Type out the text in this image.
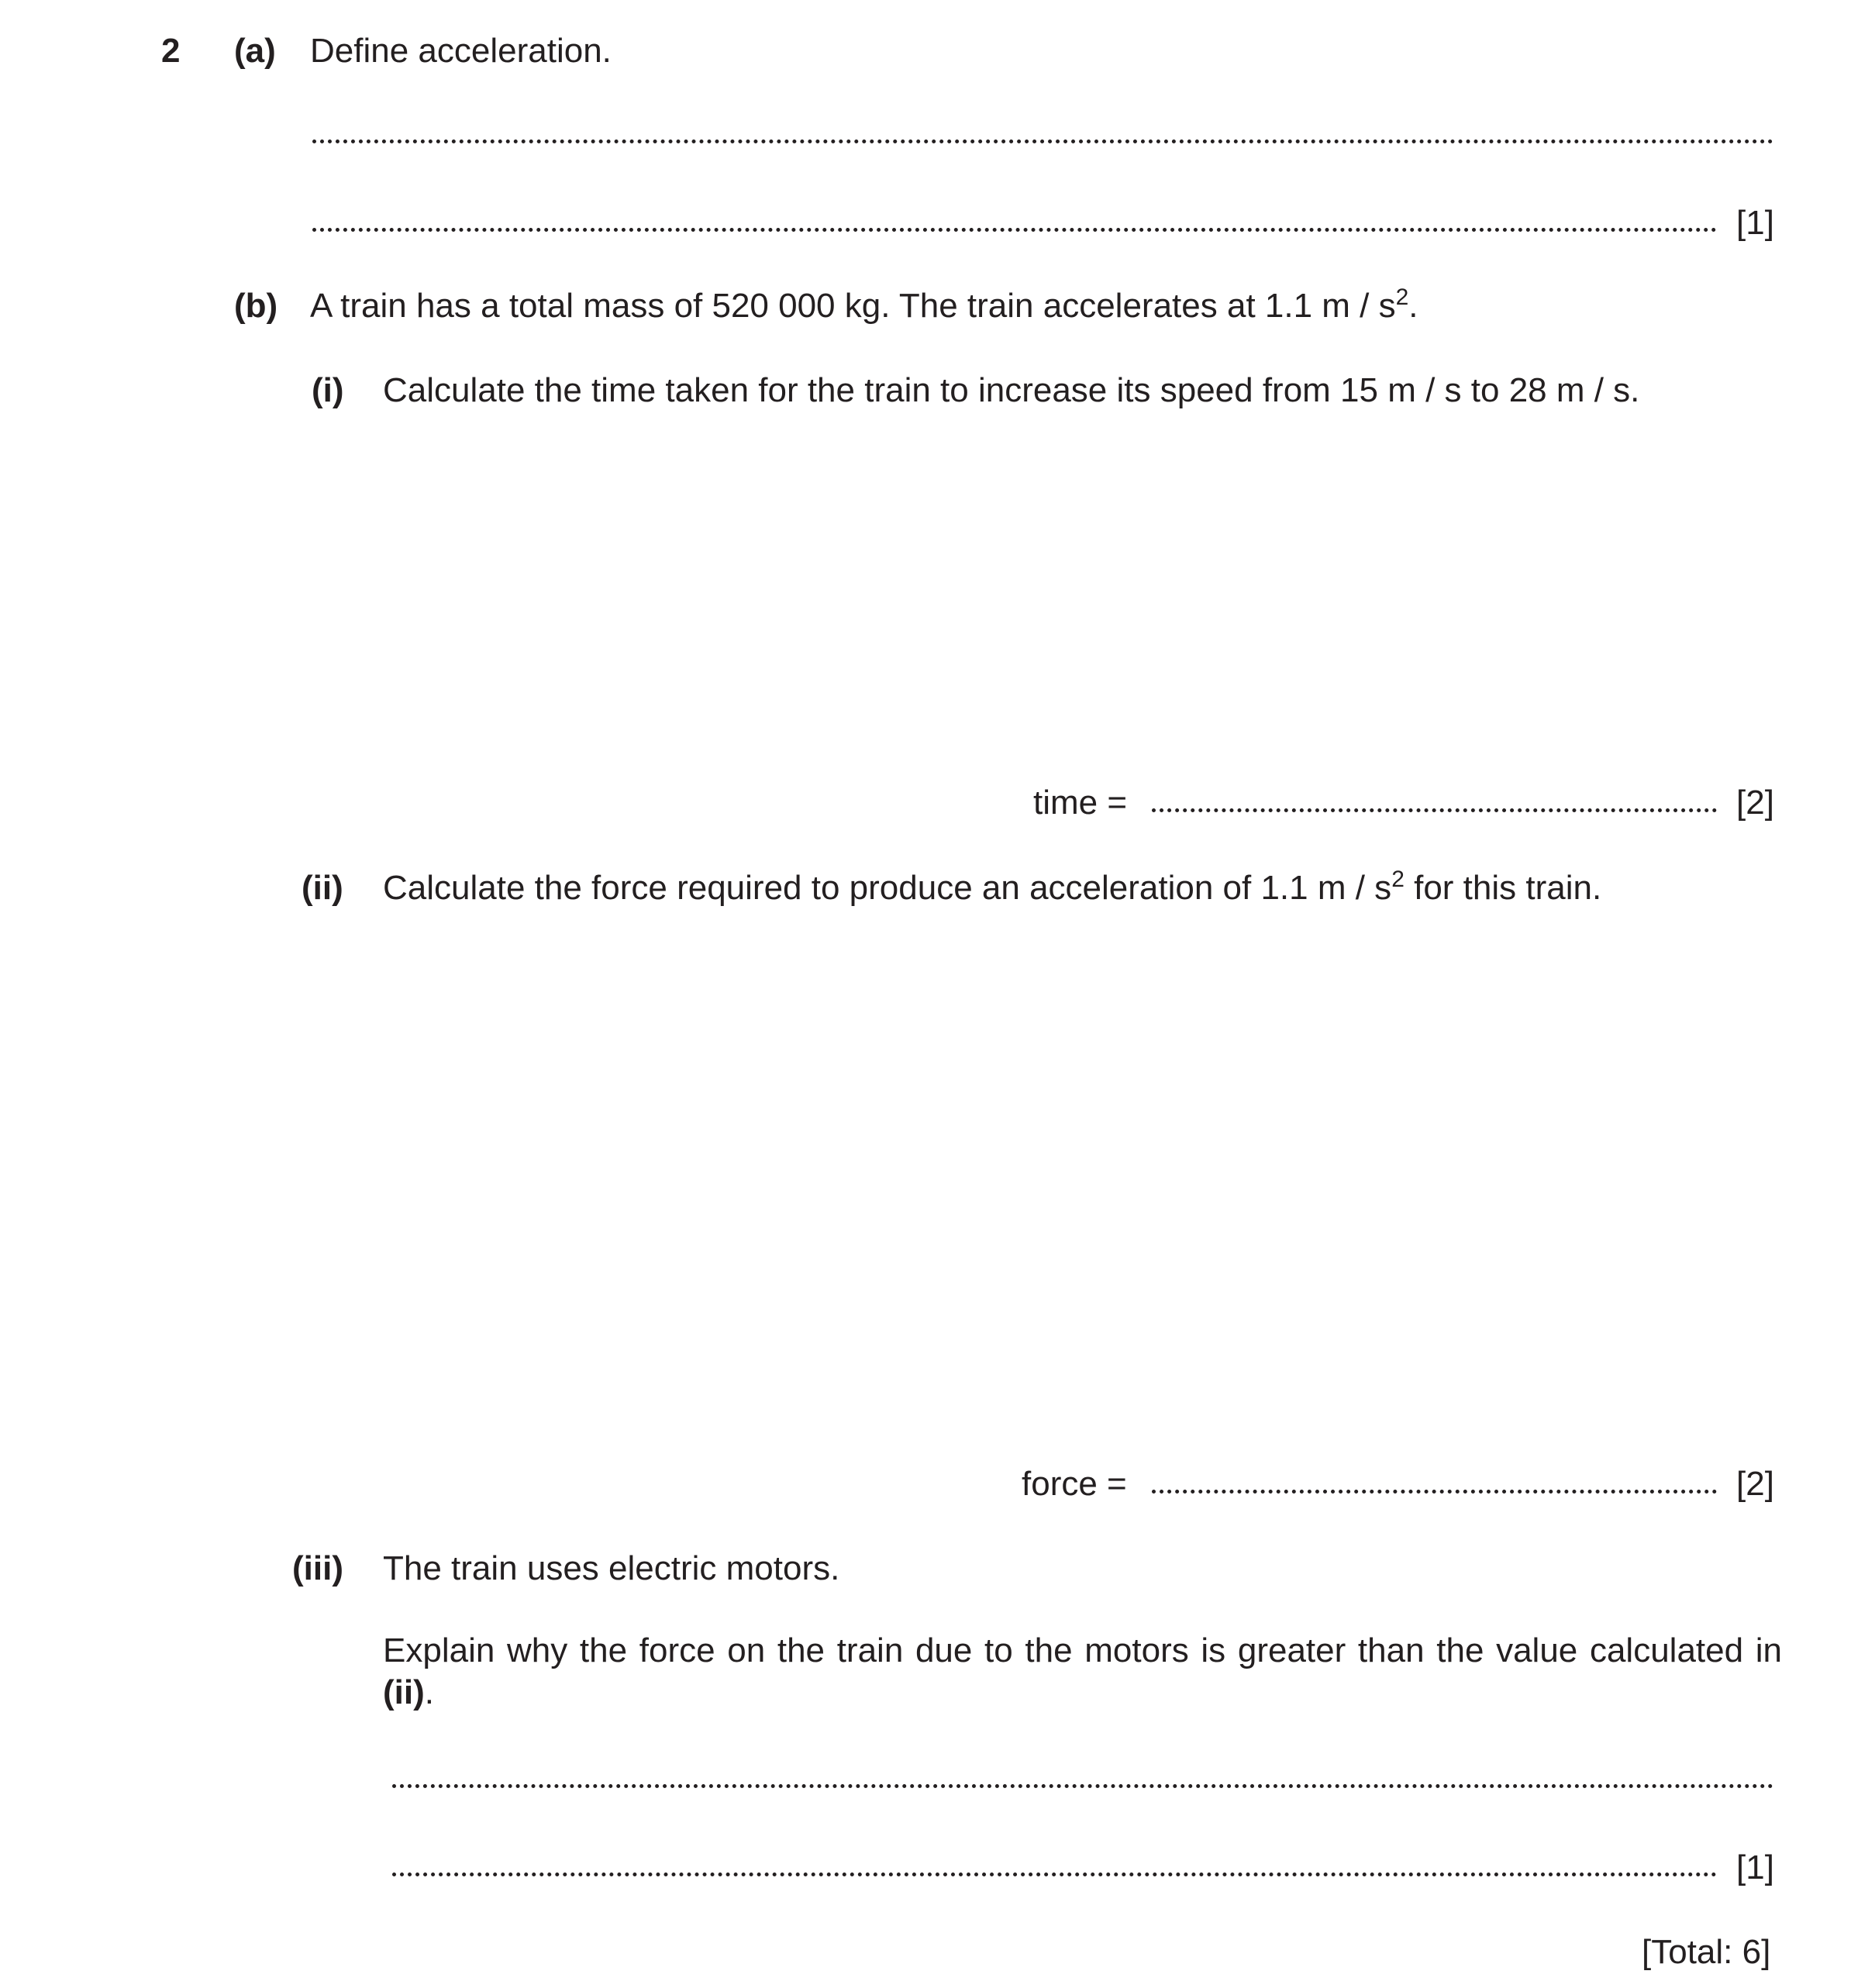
2 (a) Define acceleration.
[1]
(b) A train has a total mass of 520 000 kg. The train accelerates at 1.1 m / $s^2$.
(i) Calculate the time taken for the train to increase its speed from 15 m / s to 28 m / s.
time =	[2]
(ii) Calculate the force required to produce an acceleration of 1.1 m / $s^2$ for this train.
force =	[2]
(iii) The train uses electric motors.
Explain why the force on the train due to the motors is greater than the value calculated in (ii).
[1]
[Total: 6]
